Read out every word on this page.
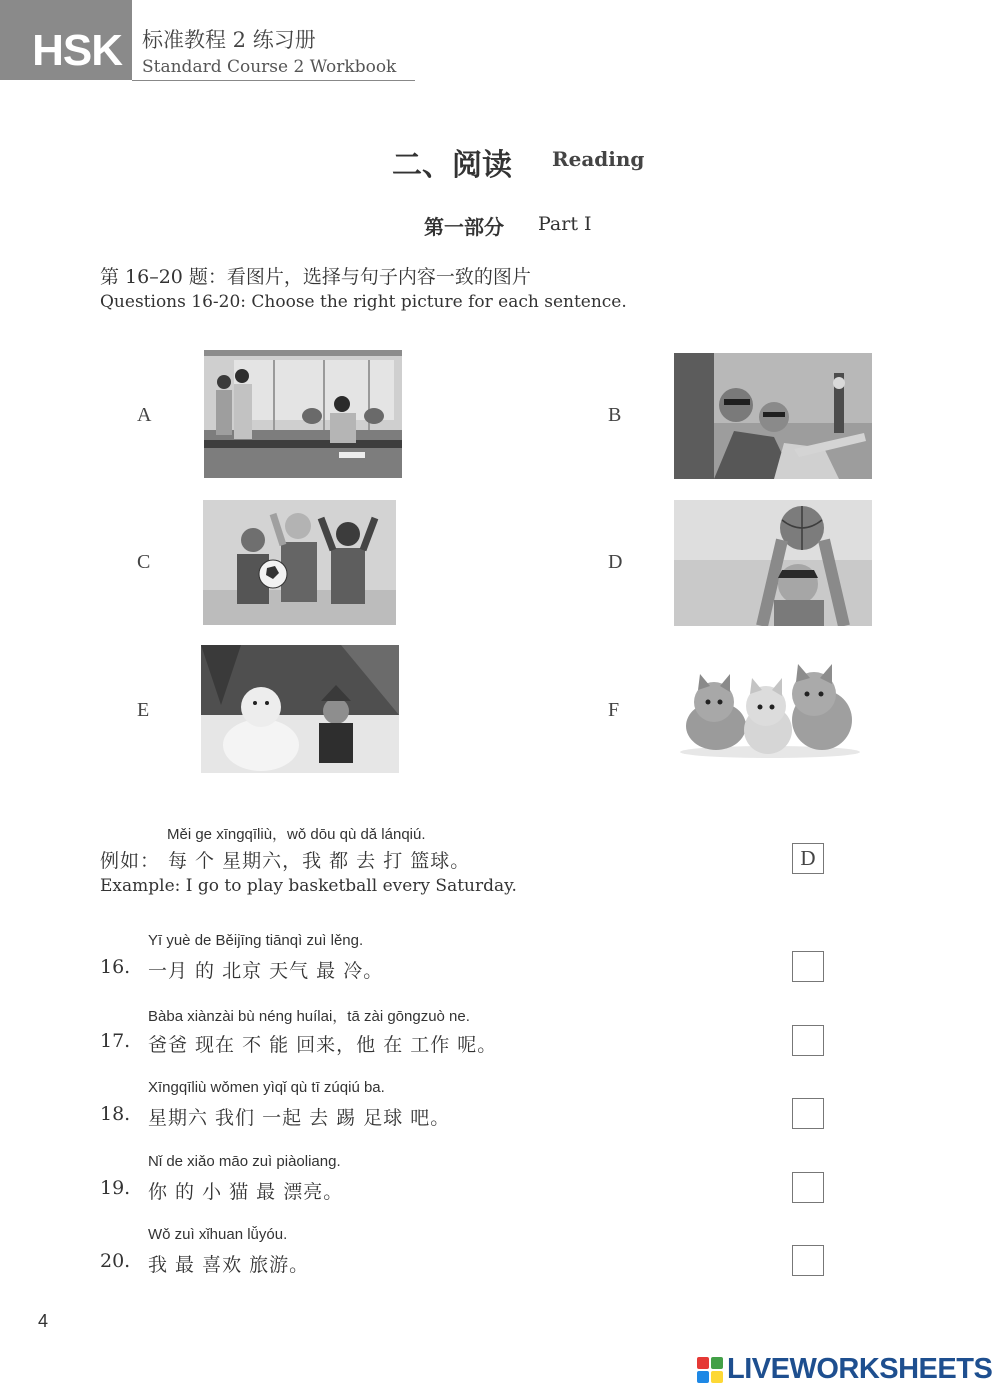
HSK 标准教程 2 练习册
Standard Course 2 Workbook
二、阅读 Reading
第一部分 Part Ⅰ
第 16–20 题：看图片，选择与句子内容一致的图片
Questions 16-20: Choose the right picture for each sentence.
A	B
C	D
E	F
Měi ge xīngqīliù，wǒ dōu qù dǎ lánqiú.
例如： 每 个 星期六，我 都 去 打 篮球。
Example: I go to play basketball every Saturday.
D
Yī yuè de Běijīng tiānqì zuì lěng.
16. 一月 的 北京 天气 最 冷。
Bàba xiànzài bù néng huílai，tā zài gōngzuò ne.
17. 爸爸 现在 不 能 回来，他 在 工作 呢。
Xīngqīliù wǒmen yìqǐ qù tī zúqiú ba.
18. 星期六 我们 一起 去 踢 足球 吧。
Nǐ de xiǎo māo zuì piàoliang.
19. 你 的 小 猫 最 漂亮。
Wǒ zuì xǐhuan lǚyóu.
20. 我 最 喜欢 旅游。
4
LIVEWORKSHEETS
